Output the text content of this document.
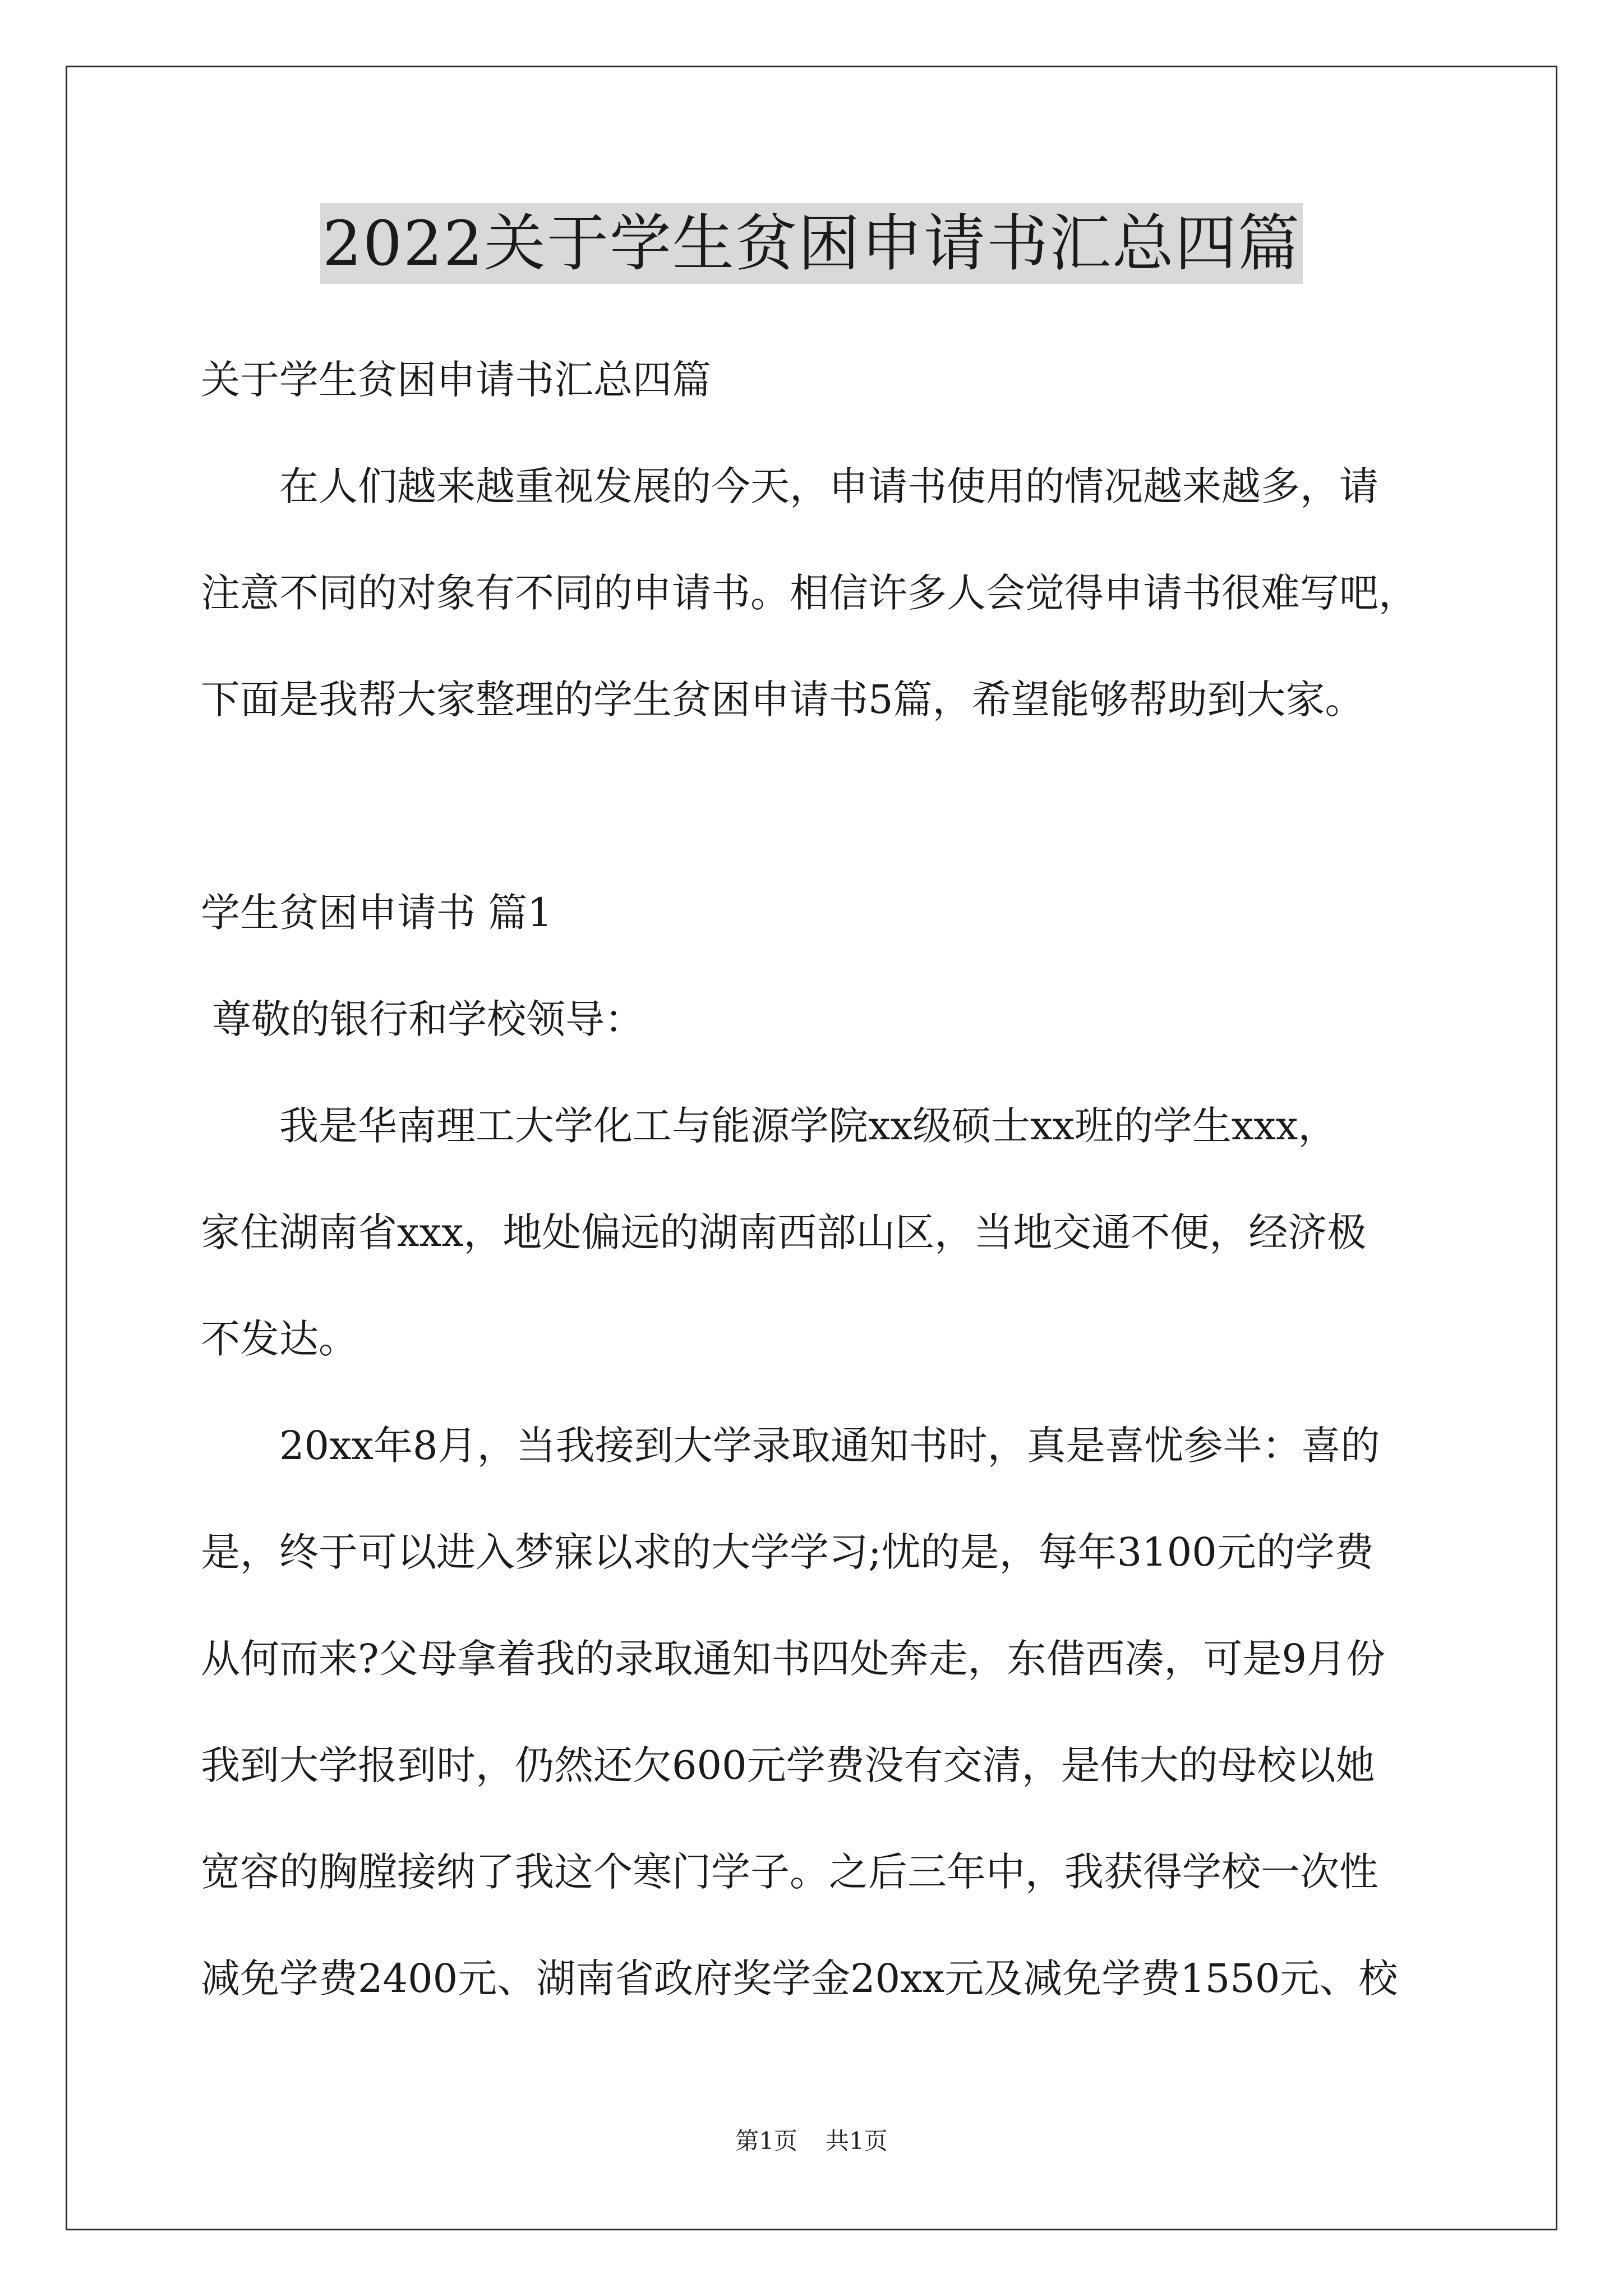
2022关于学生贫困申请书汇总四篇
关于学生贫困申请书汇总四篇
在人们越来越重视发展的今天，申请书使用的情况越来越多，请
注意不同的对象有不同的申请书。相信许多人会觉得申请书很难写吧，
下面是我帮大家整理的学生贫困申请书5篇，希望能够帮助到大家。
学生贫困申请书 篇1
尊敬的银行和学校领导：
我是华南理工大学化工与能源学院xx级硕士xx班的学生xxx，
家住湖南省xxx，地处偏远的湖南西部山区，当地交通不便，经济极
不发达。
20xx年8月，当我接到大学录取通知书时，真是喜忧参半：喜的
是，终于可以进入梦寐以求的大学学习;忧的是，每年3100元的学费
从何而来?父母拿着我的录取通知书四处奔走，东借西凑，可是9月份
我到大学报到时，仍然还欠600元学费没有交清，是伟大的母校以她
宽容的胸膛接纳了我这个寒门学子。之后三年中，我获得学校一次性
减免学费2400元、湖南省政府奖学金20xx元及减免学费1550元、校
第1页 共1页
